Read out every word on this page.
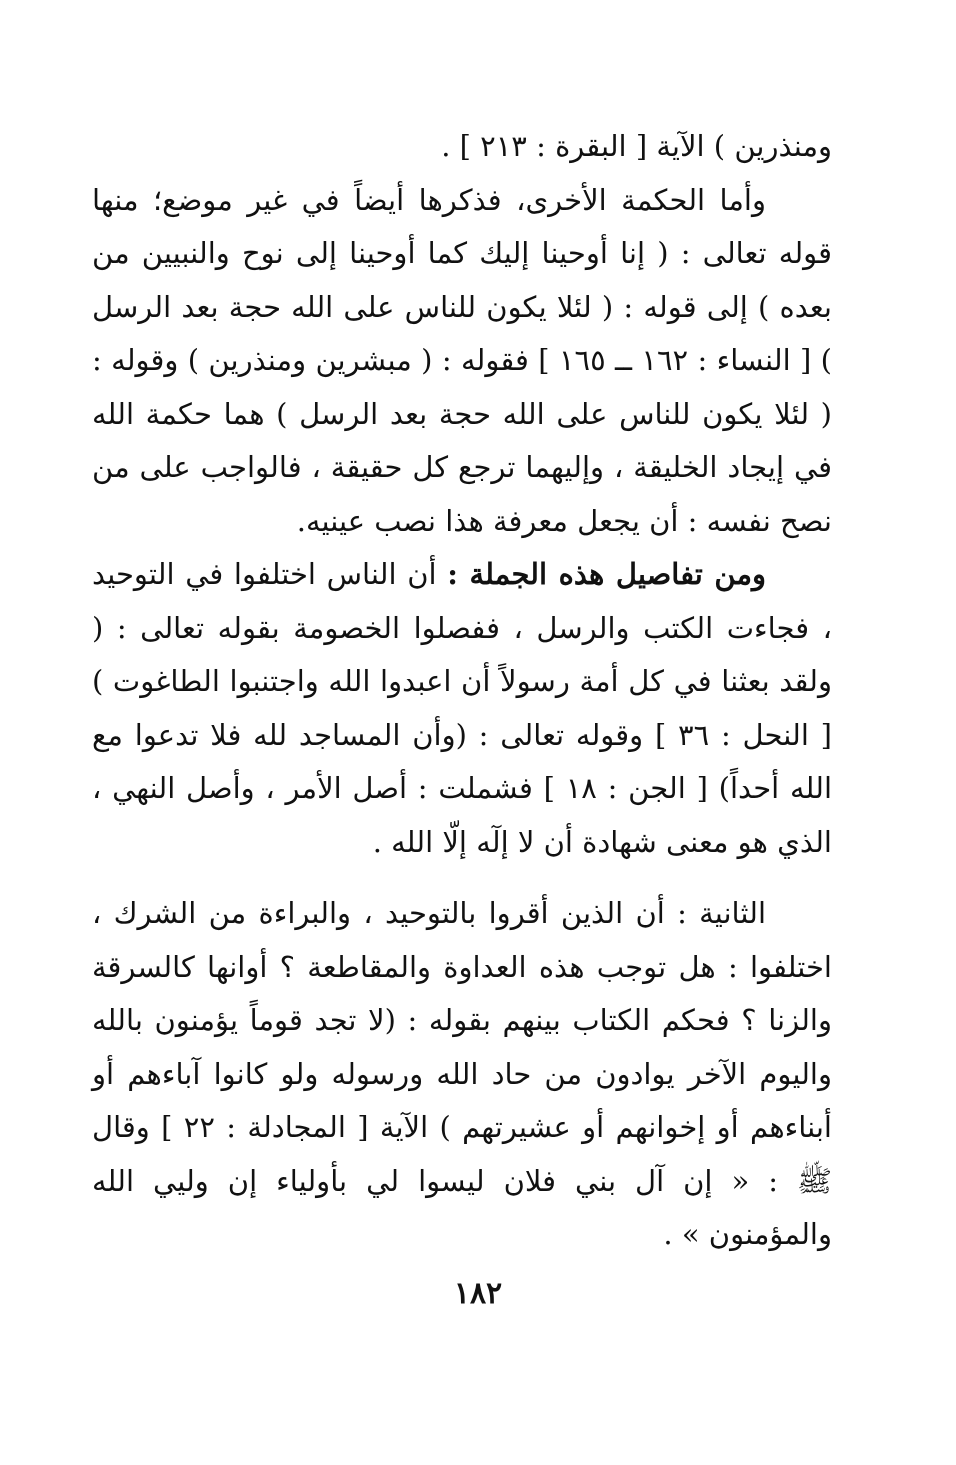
ومنذرين ) الآية [ البقرة : ٢١٣ ] .

وأما الحكمة الأخرى، فذكرها أيضاً في غير موضع؛ منها قوله تعالى : ( إنا أوحينا إليك كما أوحينا إلى نوح والنبيين من بعده ) إلى قوله : ( لئلا يكون للناس على الله حجة بعد الرسل ) [ النساء : ١٦٢ ــ ١٦٥ ] فقوله : ( مبشرين ومنذرين ) وقوله : ( لئلا يكون للناس على الله حجة بعد الرسل ) هما حكمة الله في إيجاد الخليقة ، وإليهما ترجع كل حقيقة ، فالواجب على من نصح نفسه : أن يجعل معرفة هذا نصب عينيه.

ومن تفاصيل هذه الجملة : أن الناس اختلفوا في التوحيد ، فجاءت الكتب والرسل ، ففصلوا الخصومة بقوله تعالى : ( ولقد بعثنا في كل أمة رسولاً أن اعبدوا الله واجتنبوا الطاغوت ) [ النحل : ٣٦ ] وقوله تعالى : (وأن المساجد لله فلا تدعوا مع الله أحداً) [ الجن : ١٨ ] فشملت : أصل الأمر ، وأصل النهي ، الذي هو معنى شهادة أن لا إلٓه إلّا الله .

الثانية : أن الذين أقروا بالتوحيد ، والبراءة من الشرك ، اختلفوا : هل توجب هذه العداوة والمقاطعة ؟ أوانها كالسرقة والزنا ؟ فحكم الكتاب بينهم بقوله : (لا تجد قوماً يؤمنون بالله واليوم الآخر يوادون من حاد الله ورسوله ولو كانوا آباءهم أو أبناءهم أو إخوانهم أو عشيرتهم ) الآية [ المجادلة : ٢٢ ] وقال ﷺ : « إن آل بني فلان ليسوا لي بأولياء إن وليي الله والمؤمنون » .

١٨٢
